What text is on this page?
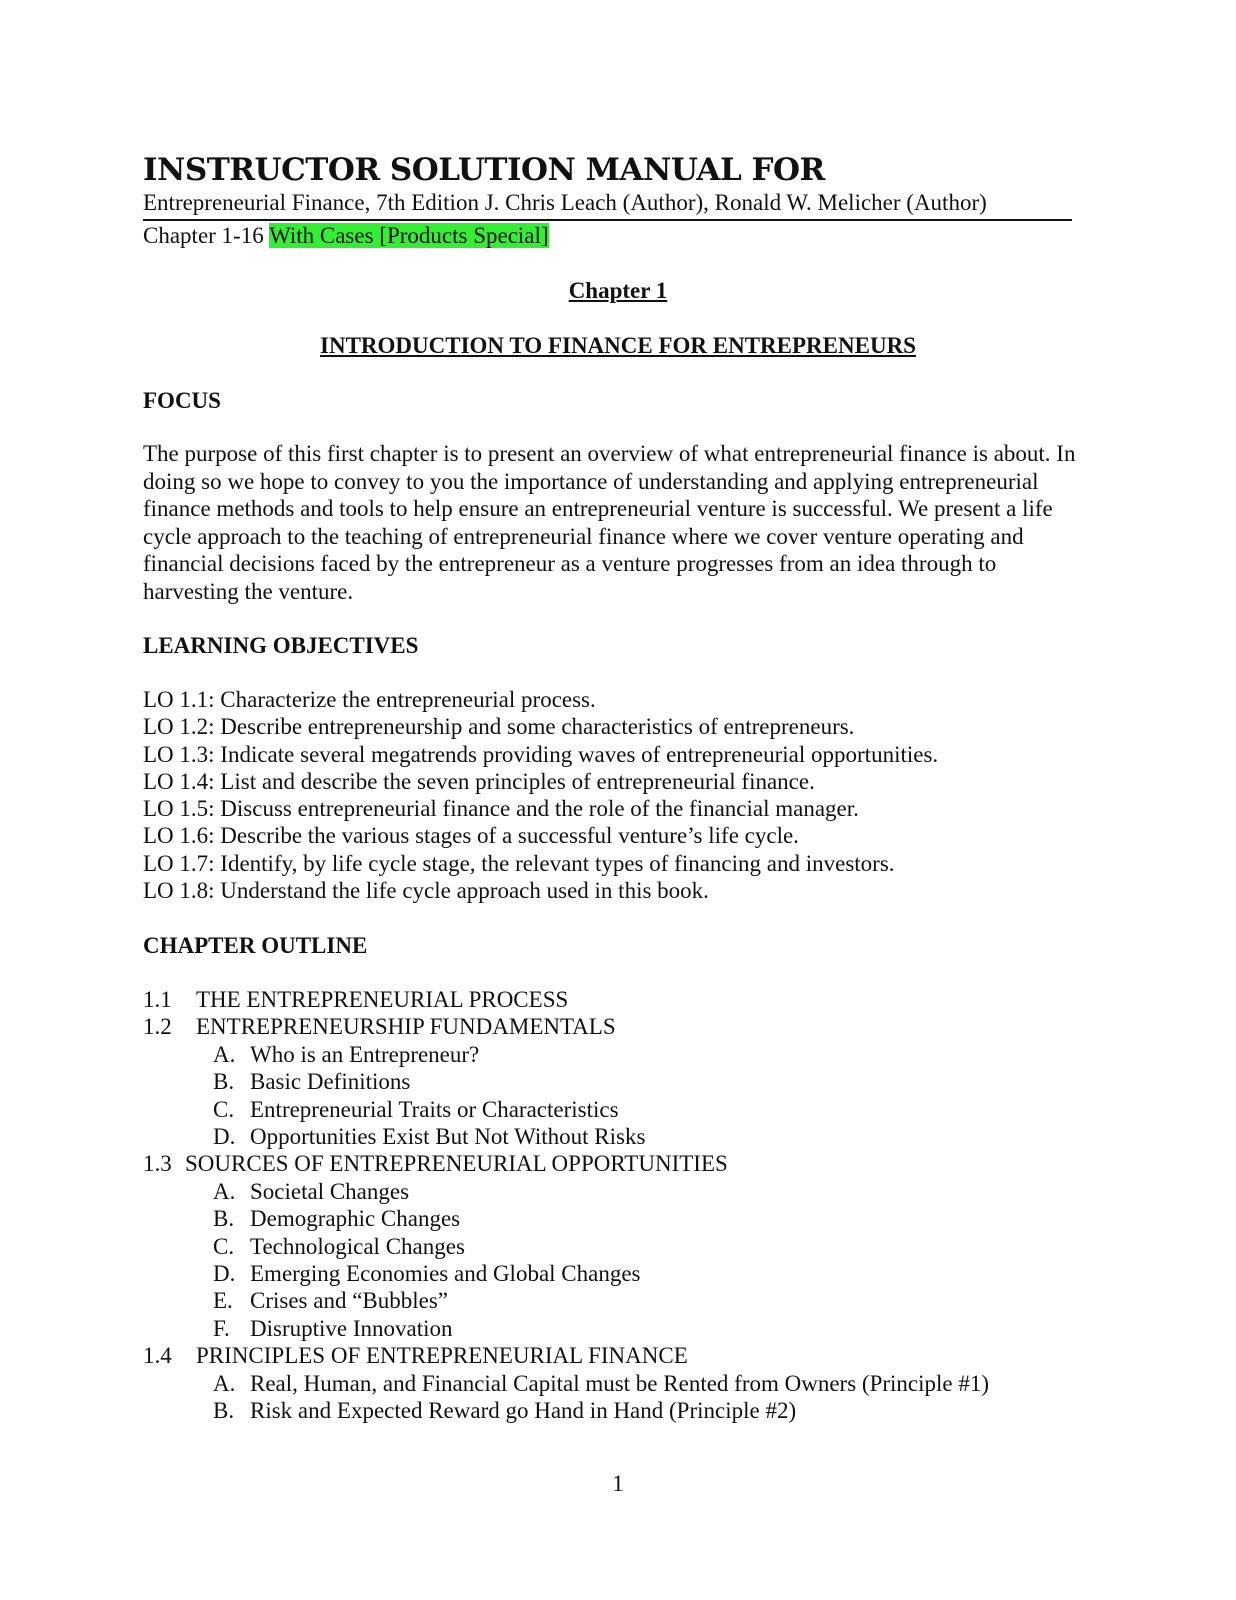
INSTRUCTOR SOLUTION MANUAL FOR
Entrepreneurial Finance, 7th Edition J. Chris Leach (Author), Ronald W. Melicher (Author)
Chapter 1-16 With Cases [Products Special]
Chapter 1
INTRODUCTION TO FINANCE FOR ENTREPRENEURS
FOCUS
The purpose of this first chapter is to present an overview of what entrepreneurial finance is about. In doing so we hope to convey to you the importance of understanding and applying entrepreneurial finance methods and tools to help ensure an entrepreneurial venture is successful. We present a life cycle approach to the teaching of entrepreneurial finance where we cover venture operating and financial decisions faced by the entrepreneur as a venture progresses from an idea through to harvesting the venture.
LEARNING OBJECTIVES
LO 1.1: Characterize the entrepreneurial process.
LO 1.2: Describe entrepreneurship and some characteristics of entrepreneurs.
LO 1.3: Indicate several megatrends providing waves of entrepreneurial opportunities.
LO 1.4: List and describe the seven principles of entrepreneurial finance.
LO 1.5: Discuss entrepreneurial finance and the role of the financial manager.
LO 1.6: Describe the various stages of a successful venture’s life cycle.
LO 1.7: Identify, by life cycle stage, the relevant types of financing and investors.
LO 1.8: Understand the life cycle approach used in this book.
CHAPTER OUTLINE
1.1 THE ENTREPRENEURIAL PROCESS
1.2 ENTREPRENEURSHIP FUNDAMENTALS
A. Who is an Entrepreneur?
B. Basic Definitions
C. Entrepreneurial Traits or Characteristics
D. Opportunities Exist But Not Without Risks
1.3 SOURCES OF ENTREPRENEURIAL OPPORTUNITIES
A. Societal Changes
B. Demographic Changes
C. Technological Changes
D. Emerging Economies and Global Changes
E. Crises and “Bubbles”
F. Disruptive Innovation
1.4 PRINCIPLES OF ENTREPRENEURIAL FINANCE
A. Real, Human, and Financial Capital must be Rented from Owners (Principle #1)
B. Risk and Expected Reward go Hand in Hand (Principle #2)
1
